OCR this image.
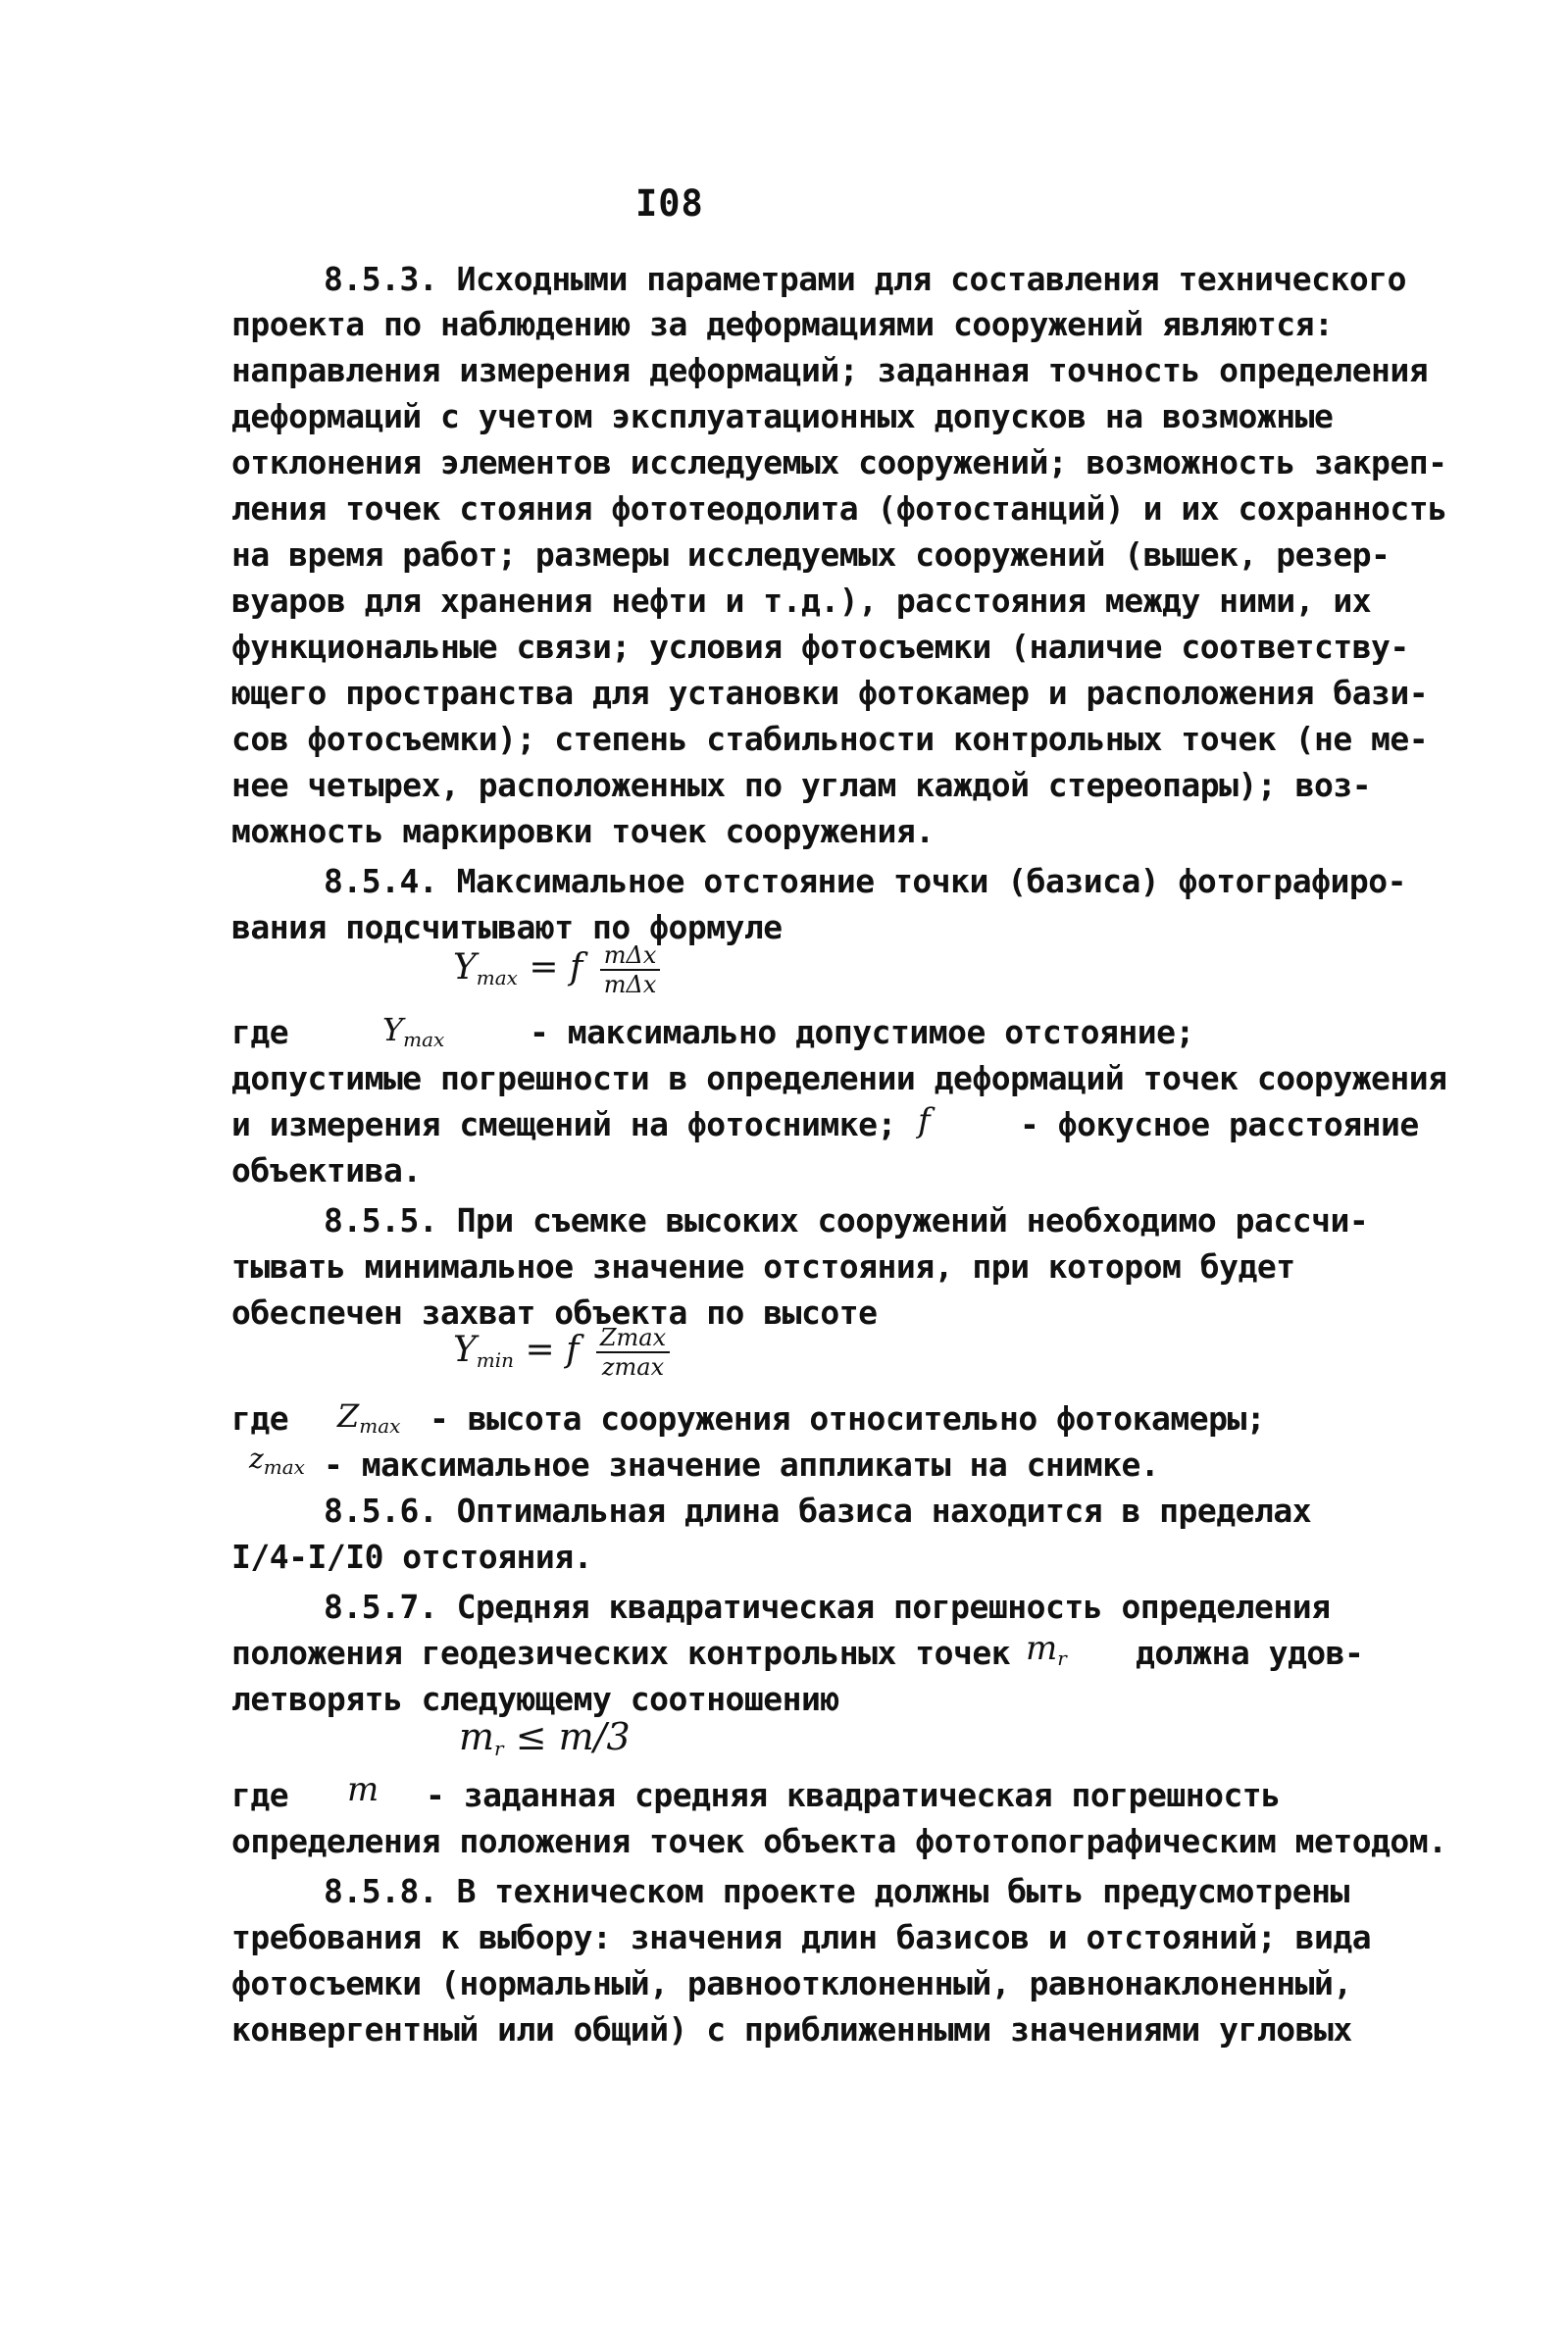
I08
8.5.3. Исходными параметрами для составления технического
проекта по наблюдению за деформациями сооружений являются:
направления измерения деформаций; заданная точность определения
деформаций с учетом эксплуатационных допусков на возможные
отклонения элементов исследуемых сооружений; возможность закреп-
ления точек стояния фототеодолита (фотостанций) и их сохранность
на время работ; размеры исследуемых сооружений (вышек, резер-
вуаров для хранения нефти и т.д.), расстояния между ними, их
функциональные связи; условия фотосъемки (наличие соответству-
ющего пространства для установки фотокамер и расположения бази-
сов фотосъемки); степень стабильности контрольных точек (не ме-
нее четырех, расположенных по углам каждой стереопары); воз-
можность маркировки точек сооружения.
8.5.4. Максимальное отстояние точки (базиса) фотографиро-
вания подсчитывают по формуле
$Y_{max} = f \frac{\text{mΔx}}{\text{mΔx}}$
где	$Y_{max}$	- максимально допустимое отстояние;
допустимые погрешности в определении деформаций точек сооружения
и измерения смещений на фотоснимке; f	- фокусное расстояние
объектива.
8.5.5. При съемке высоких сооружений необходимо рассчи-
тывать минимальное значение отстояния, при котором будет
обеспечен захват объекта по высоте
$Y_{min} = f \frac{Zmax}{zmax}$
где $Z_{max}$ - высота сооружения относительно фотокамеры;
$z_{max}$ - максимальное значение аппликаты на снимке.
8.5.6. Оптимальная длина базиса находится в пределах
I/4-I/I0 отстояния.
8.5.7. Средняя квадратическая погрешность определения
положения геодезических контрольных точек $m_r$ должна удов-
летворять следующему соотношению
$m_r \le m/3$
где m - заданная средняя квадратическая погрешность
определения положения точек объекта фототопографическим методом.
8.5.8. В техническом проекте должны быть предусмотрены
требования к выбору: значения длин базисов и отстояний; вида
фотосъемки (нормальный, равноотклоненный, равнонаклоненный,
конвергентный или общий) с приближенными значениями угловых
